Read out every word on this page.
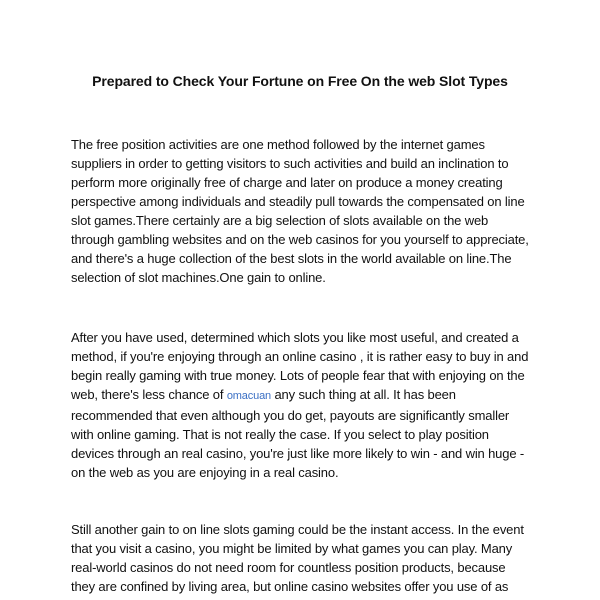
Prepared to Check Your Fortune on Free On the web Slot Types

The free position activities are one method followed by the internet games suppliers in order to getting visitors to such activities and build an inclination to perform more originally free of charge and later on produce a money creating perspective among individuals and steadily pull towards the compensated on line slot games.There certainly are a big selection of slots available on the web through gambling websites and on the web casinos for you yourself to appreciate, and there's a huge collection of the best slots in the world available on line.The selection of slot machines.One gain to online.

After you have used, determined which slots you like most useful, and created a method, if you're enjoying through an online casino , it is rather easy to buy in and begin really gaming with true money. Lots of people fear that with enjoying on the web, there's less chance of omacuan any such thing at all. It has been recommended that even although you do get, payouts are significantly smaller with online gaming. That is not really the case. If you select to play position devices through an real casino, you're just like more likely to win - and win huge - on the web as you are enjoying in a real casino.

Still another gain to on line slots gaming could be the instant access. In the event that you visit a casino, you might be limited by what games you can play. Many real-world casinos do not need room for countless position products, because they are confined by living area, but online casino websites offer you use of as
